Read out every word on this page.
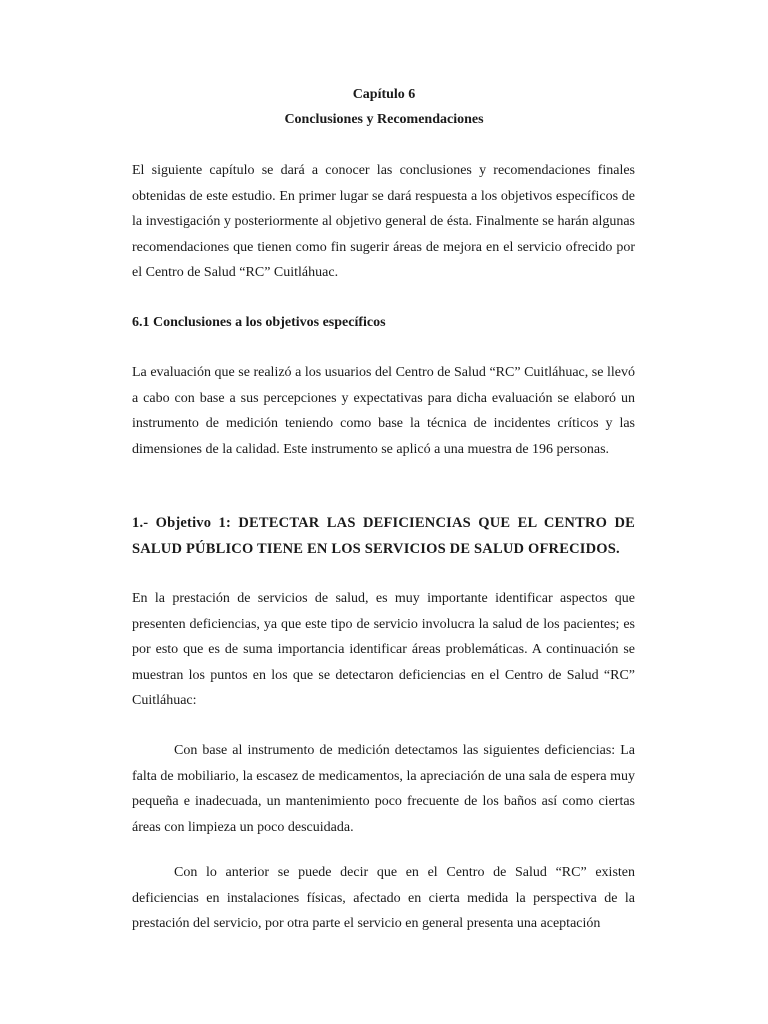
Capítulo 6
Conclusiones y Recomendaciones

El siguiente capítulo se dará a conocer las conclusiones y recomendaciones finales obtenidas de este estudio. En primer lugar se dará respuesta a los objetivos específicos de la investigación y posteriormente al objetivo general de ésta. Finalmente se harán algunas recomendaciones que tienen como fin sugerir áreas de mejora en el servicio ofrecido por el Centro de Salud “RC” Cuitláhuac.

6.1 Conclusiones a los objetivos específicos

La evaluación que se realizó a los usuarios del Centro de Salud “RC” Cuitláhuac, se llevó a cabo con base a sus percepciones y expectativas para dicha evaluación se elaboró un instrumento de medición teniendo como base la técnica de incidentes críticos y las dimensiones de la calidad. Este instrumento se aplicó a una muestra de 196 personas.

1.- Objetivo 1: DETECTAR LAS DEFICIENCIAS QUE EL CENTRO DE SALUD PÚBLICO TIENE EN LOS SERVICIOS DE SALUD OFRECIDOS.

En la prestación de servicios de salud, es muy importante identificar aspectos que presenten deficiencias, ya que este tipo de servicio involucra la salud de los pacientes; es por esto que es de suma importancia identificar áreas problemáticas. A continuación se muestran los puntos en los que se detectaron deficiencias en el Centro de Salud “RC” Cuitláhuac:

Con base al instrumento de medición detectamos las siguientes deficiencias: La falta de mobiliario, la escasez de medicamentos, la apreciación de una sala de espera muy pequeña e inadecuada, un mantenimiento poco frecuente de los baños así como ciertas áreas con limpieza un poco descuidada.

Con lo anterior se puede decir que en el Centro de Salud “RC” existen deficiencias en instalaciones físicas, afectado en cierta medida la perspectiva de la prestación del servicio, por otra parte el servicio en general presenta una aceptación
